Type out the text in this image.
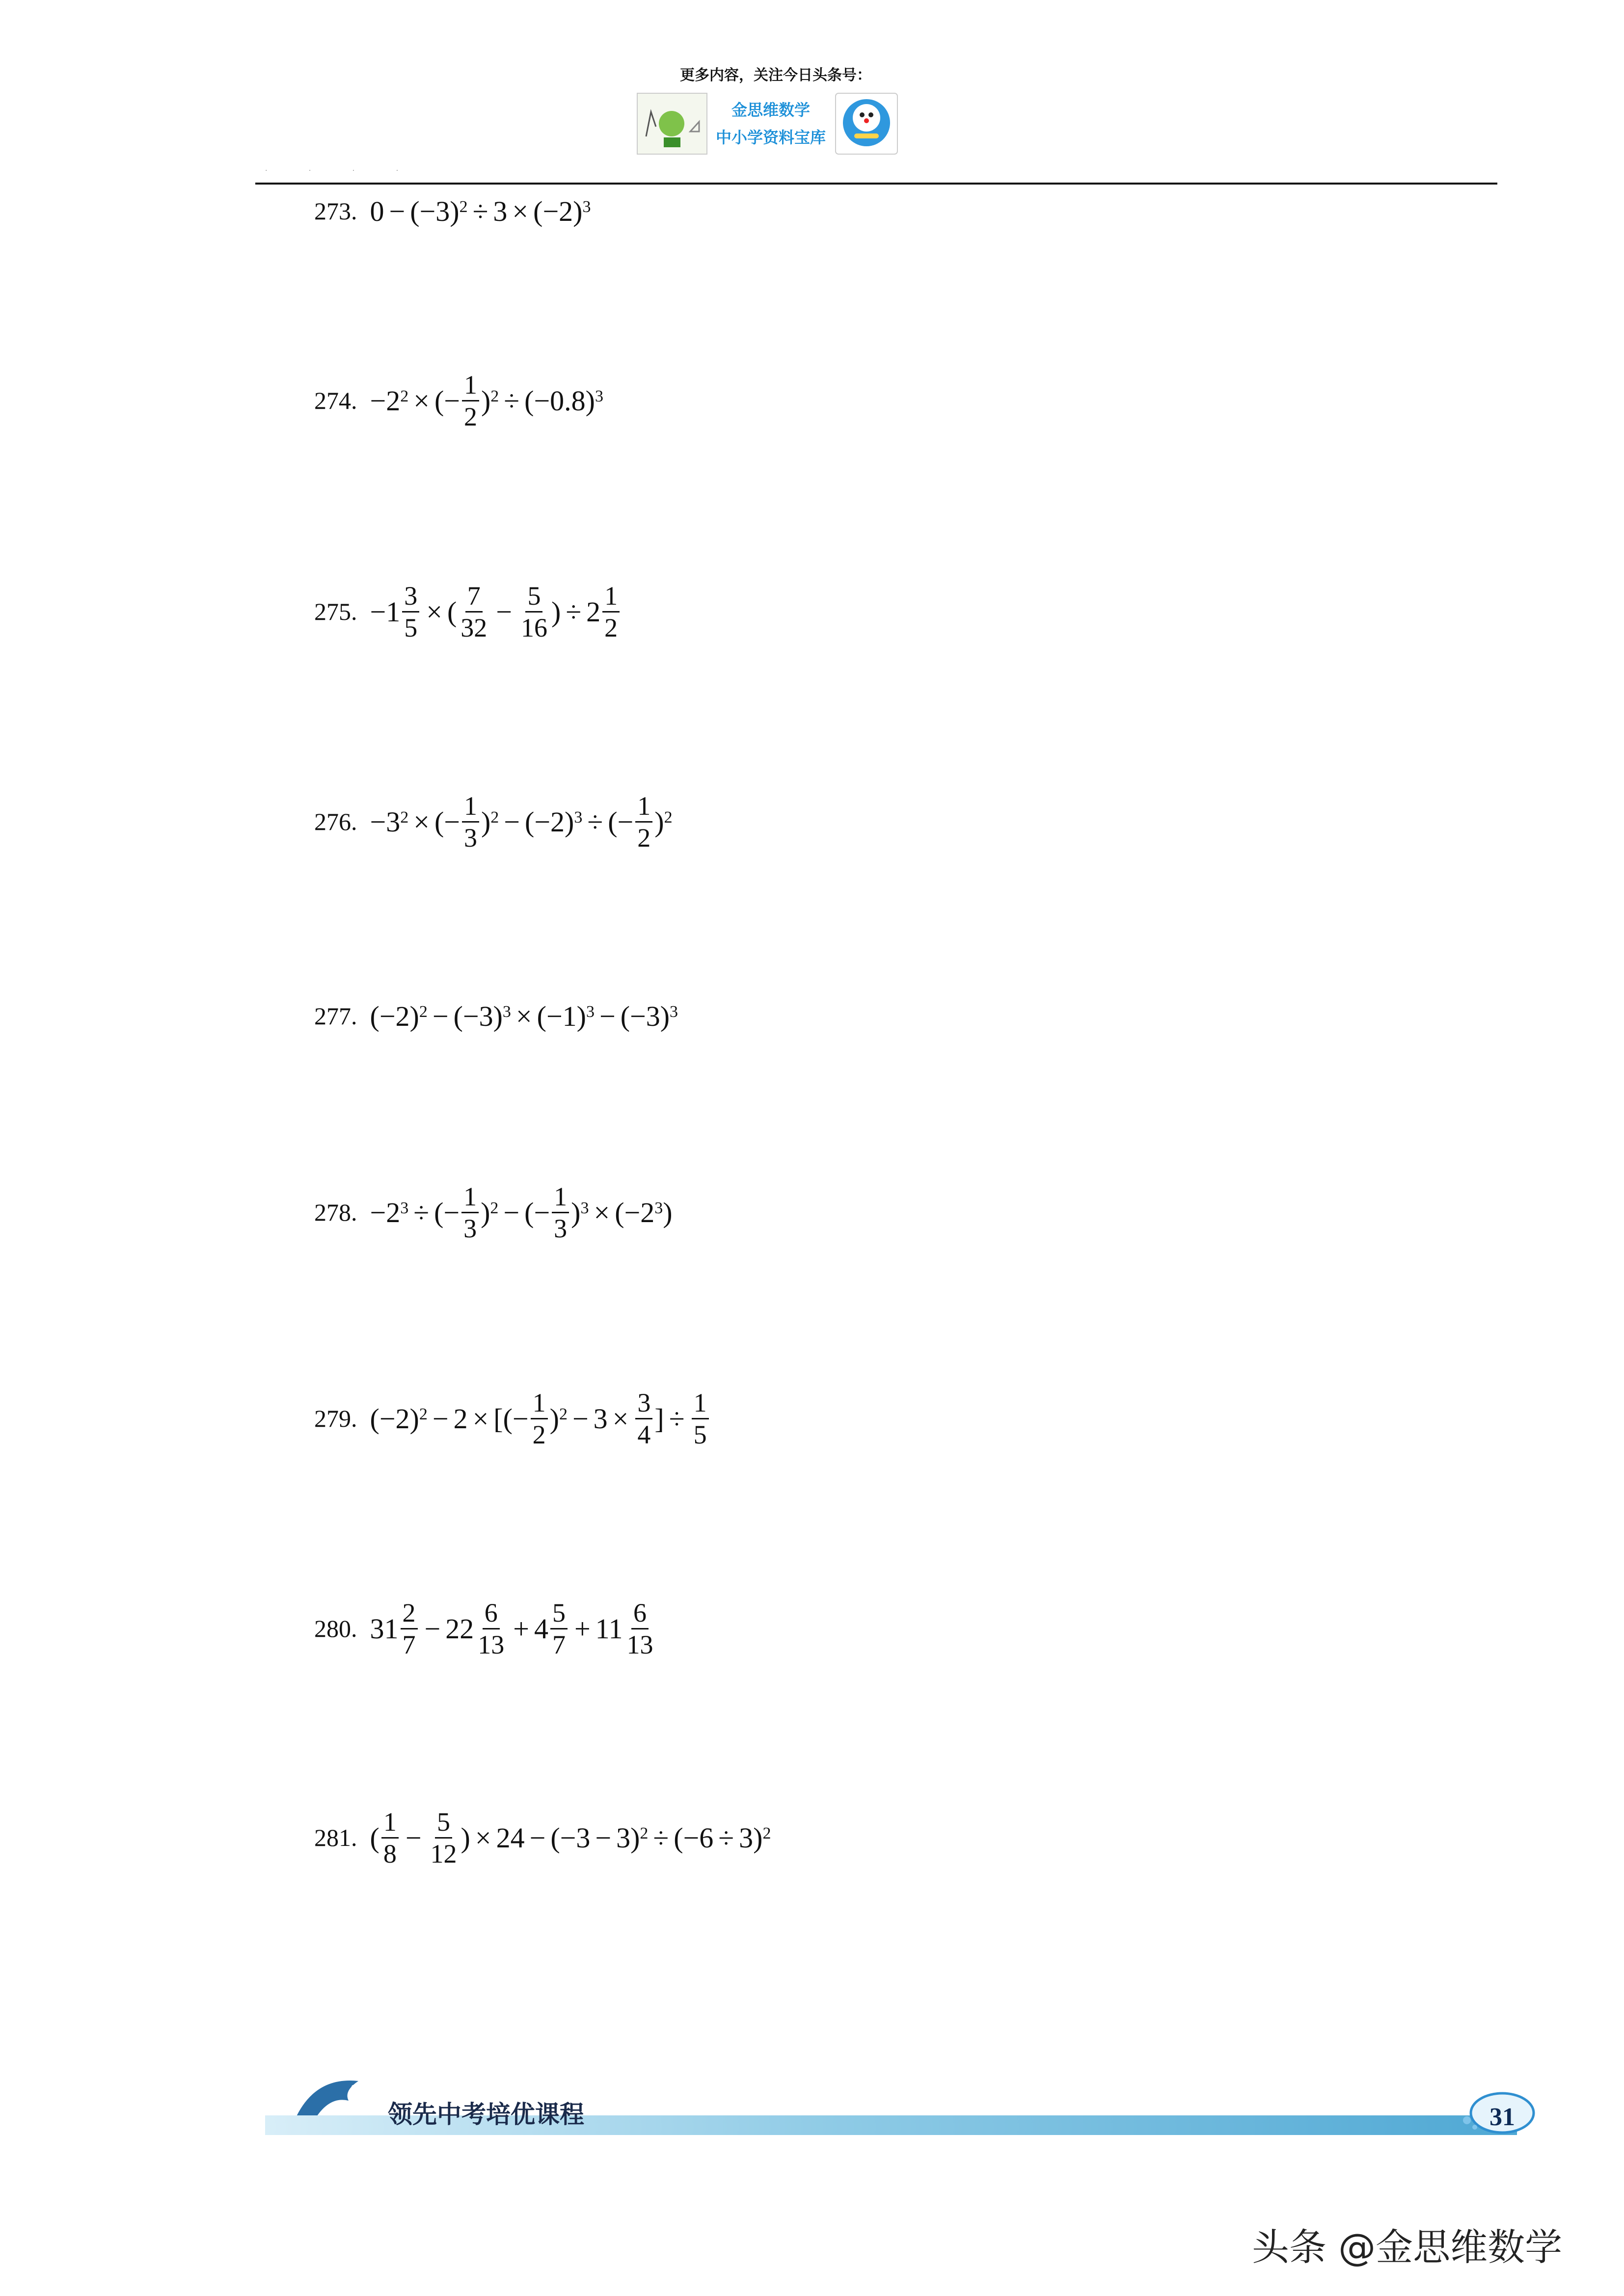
更多内容，关注今日头条号：
金思维数学
中小学资料宝库
· · · ·
273. $0 - (-3)^2 \div 3 \times (-2)^3$
274. $-2^2$ × (− $\frac{1}{2} )^2 \div (-0.8)^3$
275. $-1 \frac{3}{5}$ × ( $\frac{7}{32} - \frac{5}{16}$ ) ÷ $2 \frac{1}{2}$
276. $-3^2$ × (− $\frac{1}{3} )^2 - (-2)^3$ ÷ (− $\frac{1}{2} )^2$
277. $(-2)^2 - (-3)^3 \times (-1)^3 - (-3)^3$
278. $-2^3$ ÷ (− $\frac{1}{3} )^2$ − (− $\frac{1}{3} )^3 \times (-2^3$ )
279. $(-2)^2 - 2$ × [(− $\frac{1}{2} )^2 - 3 \times \frac{3}{4}$ ] ÷ $\frac{1}{5}$
280. $31 \frac{2}{7} - 22 \frac{6}{13} + 4 \frac{5}{7} + 11 \frac{6}{13}$
281. ( $\frac{1}{8} - \frac{5}{12}$ ) × $24 - (-3 - 3)^2 \div (-6 \div 3)^2$
领先中考培优课程	31
头条 @金思维数学
